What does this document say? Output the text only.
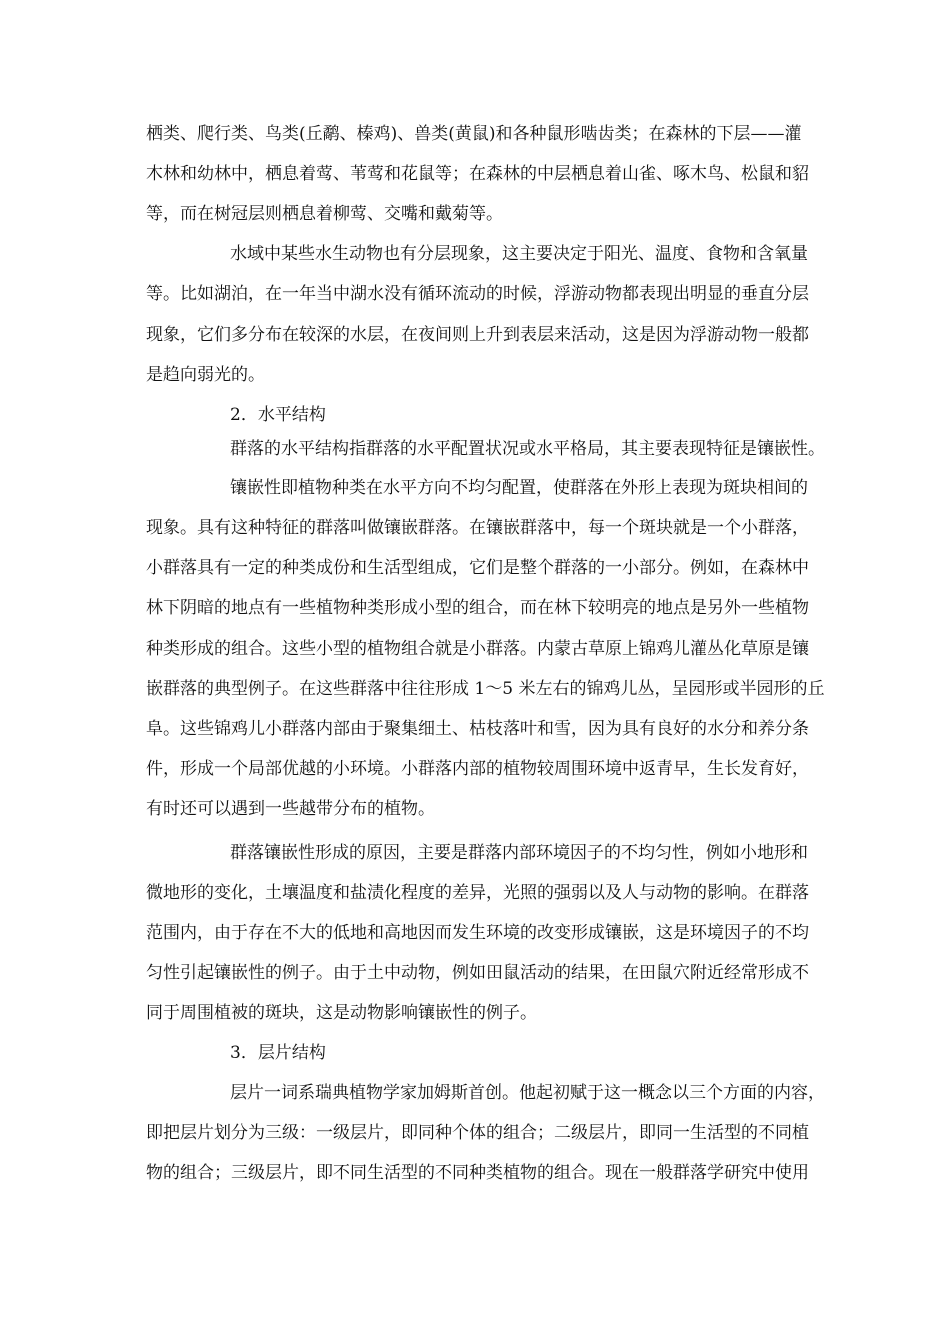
栖类、爬行类、鸟类(丘鹬、榛鸡)、兽类(黄鼠)和各种鼠形啮齿类；在森林的下层——灌
木林和幼林中，栖息着莺、苇莺和花鼠等；在森林的中层栖息着山雀、啄木鸟、松鼠和貂
等，而在树冠层则栖息着柳莺、交嘴和戴菊等。
水域中某些水生动物也有分层现象，这主要决定于阳光、温度、食物和含氧量
等。比如湖泊，在一年当中湖水没有循环流动的时候，浮游动物都表现出明显的垂直分层
现象，它们多分布在较深的水层，在夜间则上升到表层来活动，这是因为浮游动物一般都
是趋向弱光的。
2．水平结构
群落的水平结构指群落的水平配置状况或水平格局，其主要表现特征是镶嵌性。
镶嵌性即植物种类在水平方向不均匀配置，使群落在外形上表现为斑块相间的
现象。具有这种特征的群落叫做镶嵌群落。在镶嵌群落中，每一个斑块就是一个小群落，
小群落具有一定的种类成份和生活型组成，它们是整个群落的一小部分。例如，在森林中
林下阴暗的地点有一些植物种类形成小型的组合，而在林下较明亮的地点是另外一些植物
种类形成的组合。这些小型的植物组合就是小群落。内蒙古草原上锦鸡儿灌丛化草原是镶
嵌群落的典型例子。在这些群落中往往形成 1～5 米左右的锦鸡儿丛，呈园形或半园形的丘
阜。这些锦鸡儿小群落内部由于聚集细土、枯枝落叶和雪，因为具有良好的水分和养分条
件，形成一个局部优越的小环境。小群落内部的植物较周围环境中返青早，生长发育好，
有时还可以遇到一些越带分布的植物。
群落镶嵌性形成的原因，主要是群落内部环境因子的不均匀性，例如小地形和
微地形的变化，土壤温度和盐渍化程度的差异，光照的强弱以及人与动物的影响。在群落
范围内，由于存在不大的低地和高地因而发生环境的改变形成镶嵌，这是环境因子的不均
匀性引起镶嵌性的例子。由于土中动物，例如田鼠活动的结果，在田鼠穴附近经常形成不
同于周围植被的斑块，这是动物影响镶嵌性的例子。
3．层片结构
层片一词系瑞典植物学家加姆斯首创。他起初赋于这一概念以三个方面的内容，
即把层片划分为三级：一级层片，即同种个体的组合；二级层片，即同一生活型的不同植
物的组合；三级层片，即不同生活型的不同种类植物的组合。现在一般群落学研究中使用
